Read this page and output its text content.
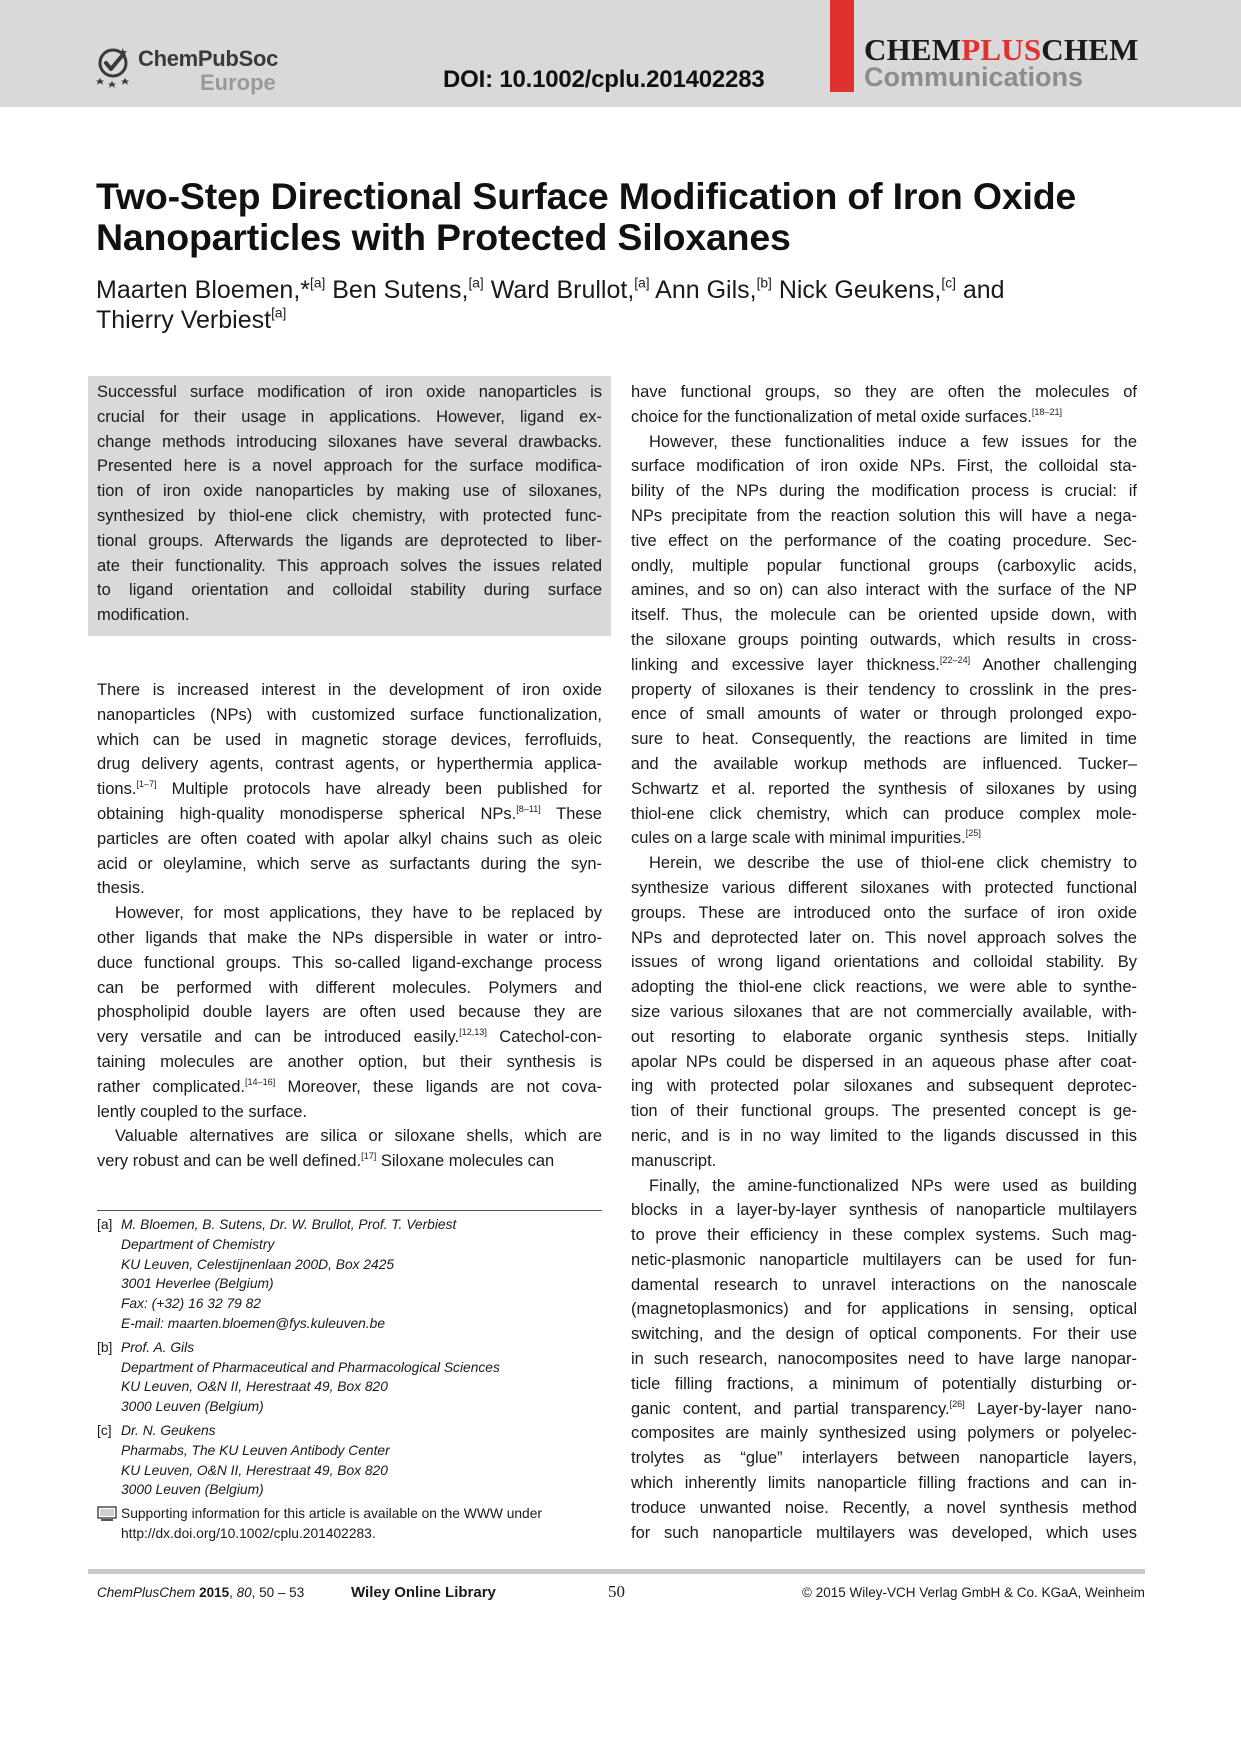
ChemPubSoc
Europe	DOI: 10.1002/cplu.201402283
CHEMPLUSCHEM
Communications
Two-Step Directional Surface Modification of Iron Oxide
Nanoparticles with Protected Siloxanes
Maarten Bloemen,*[a] Ben Sutens,[a] Ward Brullot,[a] Ann Gils,[b] Nick Geukens,[c] and
Thierry Verbiest[a]
Successful surface modification of iron oxide nanoparticles is
crucial for their usage in applications. However, ligand ex-
change methods introducing siloxanes have several drawbacks.
Presented here is a novel approach for the surface modifica-
tion of iron oxide nanoparticles by making use of siloxanes,
synthesized by thiol-ene click chemistry, with protected func-
tional groups. Afterwards the ligands are deprotected to liber-
ate their functionality. This approach solves the issues related
to ligand orientation and colloidal stability during surface
modification.

There is increased interest in the development of iron oxide
nanoparticles (NPs) with customized surface functionalization,
which can be used in magnetic storage devices, ferrofluids,
drug delivery agents, contrast agents, or hyperthermia applica-
tions.[1–7] Multiple protocols have already been published for
obtaining high-quality monodisperse spherical NPs.[8–11] These
particles are often coated with apolar alkyl chains such as oleic
acid or oleylamine, which serve as surfactants during the syn-
thesis.

However, for most applications, they have to be replaced by
other ligands that make the NPs dispersible in water or intro-
duce functional groups. This so-called ligand-exchange process
can be performed with different molecules. Polymers and
phospholipid double layers are often used because they are
very versatile and can be introduced easily.[12,13] Catechol-con-
taining molecules are another option, but their synthesis is
rather complicated.[14–16] Moreover, these ligands are not cova-
lently coupled to the surface.

Valuable alternatives are silica or siloxane shells, which are
very robust and can be well defined.[17] Siloxane molecules can

have functional groups, so they are often the molecules of
choice for the functionalization of metal oxide surfaces.[18–21]

However, these functionalities induce a few issues for the
surface modification of iron oxide NPs. First, the colloidal sta-
bility of the NPs during the modification process is crucial: if
NPs precipitate from the reaction solution this will have a nega-
tive effect on the performance of the coating procedure. Sec-
ondly, multiple popular functional groups (carboxylic acids,
amines, and so on) can also interact with the surface of the NP
itself. Thus, the molecule can be oriented upside down, with
the siloxane groups pointing outwards, which results in cross-
linking and excessive layer thickness.[22–24] Another challenging
property of siloxanes is their tendency to crosslink in the pres-
ence of small amounts of water or through prolonged expo-
sure to heat. Consequently, the reactions are limited in time
and the available workup methods are influenced. Tucker–
Schwartz et al. reported the synthesis of siloxanes by using
thiol-ene click chemistry, which can produce complex mole-
cules on a large scale with minimal impurities.[25]

Herein, we describe the use of thiol-ene click chemistry to
synthesize various different siloxanes with protected functional
groups. These are introduced onto the surface of iron oxide
NPs and deprotected later on. This novel approach solves the
issues of wrong ligand orientations and colloidal stability. By
adopting the thiol-ene click reactions, we were able to synthe-
size various siloxanes that are not commercially available, with-
out resorting to elaborate organic synthesis steps. Initially
apolar NPs could be dispersed in an aqueous phase after coat-
ing with protected polar siloxanes and subsequent deprotec-
tion of their functional groups. The presented concept is ge-
neric, and is in no way limited to the ligands discussed in this
manuscript.

Finally, the amine-functionalized NPs were used as building
blocks in a layer-by-layer synthesis of nanoparticle multilayers
to prove their efficiency in these complex systems. Such mag-
netic-plasmonic nanoparticle multilayers can be used for fun-
damental research to unravel interactions on the nanoscale
(magnetoplasmonics) and for applications in sensing, optical
switching, and the design of optical components. For their use
in such research, nanocomposites need to have large nanopar-
ticle filling fractions, a minimum of potentially disturbing or-
ganic content, and partial transparency.[26] Layer-by-layer nano-
composites are mainly synthesized using polymers or polyelec-
trolytes as “glue” interlayers between nanoparticle layers,
which inherently limits nanoparticle filling fractions and can in-
troduce unwanted noise. Recently, a novel synthesis method
for such nanoparticle multilayers was developed, which uses

[a] M. Bloemen, B. Sutens, Dr. W. Brullot, Prof. T. Verbiest
Department of Chemistry
KU Leuven, Celestijnenlaan 200D, Box 2425
3001 Heverlee (Belgium)
Fax: (+32) 16 32 79 82
E-mail: maarten.bloemen@fys.kuleuven.be
[b] Prof. A. Gils
Department of Pharmaceutical and Pharmacological Sciences
KU Leuven, O&N II, Herestraat 49, Box 820
3000 Leuven (Belgium)
[c] Dr. N. Geukens
Pharmabs, The KU Leuven Antibody Center
KU Leuven, O&N II, Herestraat 49, Box 820
3000 Leuven (Belgium)
Supporting information for this article is available on the WWW under
http://dx.doi.org/10.1002/cplu.201402283.
ChemPlusChem 2015, 80, 50 – 53	Wiley Online Library	50	© 2015 Wiley-VCH Verlag GmbH & Co. KGaA, Weinheim
